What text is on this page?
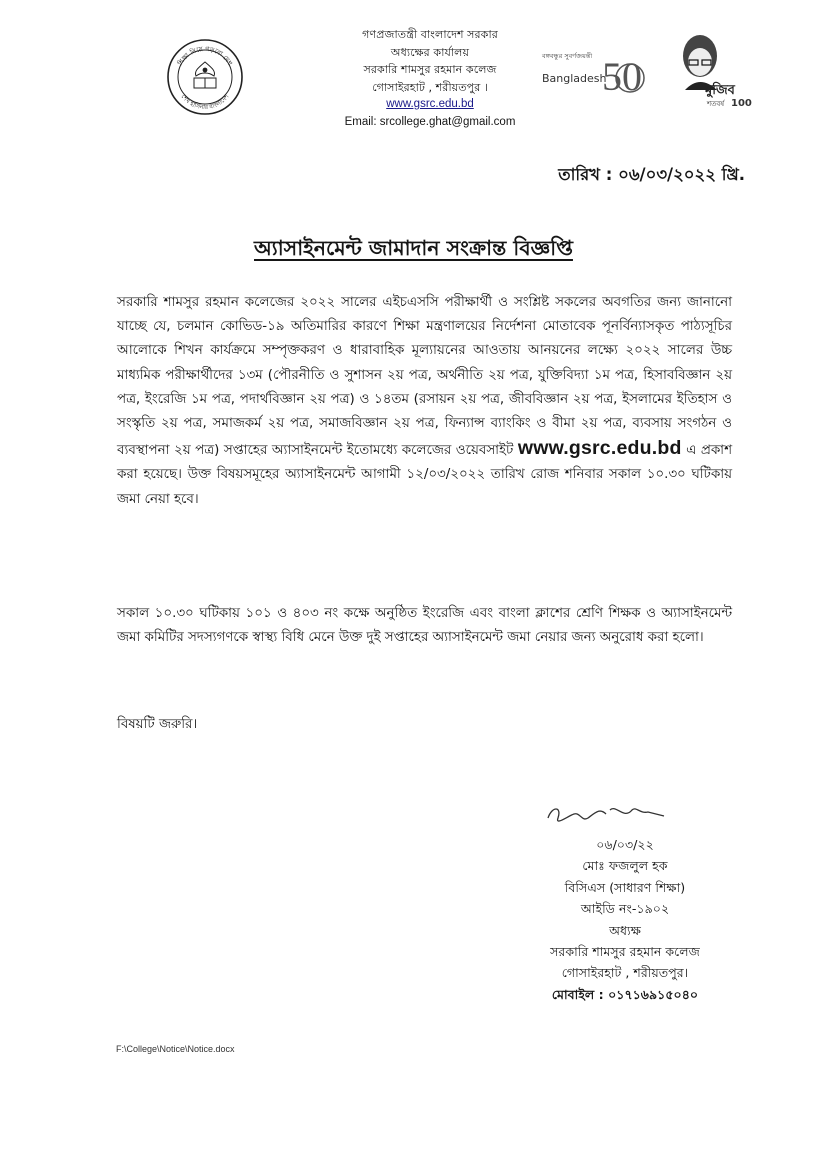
শিক্ষা নিয়ে গড়বো দেশ
শেখ হাসিনার বাংলাদেশ
গণপ্রজাতন্ত্রী বাংলাদেশ সরকার
অধ্যক্ষের কার্যালয়
সরকারি শামসুর রহমান কলেজ
গোসাইরহাট , শরীয়তপুর ।
www.gsrc.edu.bd
Email: srcollege.ghat@gmail.com
বঙ্গবন্ধুর সুবর্ণজয়ন্তী
Bangladesh
50	মুজিব
শতবর্ষ 100
তারিখ : ০৬/০৩/২০২২ খ্রি.
অ্যাসাইনমেন্ট জামাদান সংক্রান্ত বিজ্ঞপ্তি
সরকারি শামসুর রহমান কলেজের ২০২২ সালের এইচএসসি পরীক্ষার্থী ও সংশ্লিষ্ট সকলের অবগতির জন্য জানানো যাচ্ছে যে, চলমান কোভিড-১৯ অতিমারির কারণে শিক্ষা মন্ত্রণালয়ের নির্দেশনা মোতাবেক পূনর্বিন্যাসকৃত পাঠ্যসূচির আলোকে শিখন কার্যক্রমে সম্পৃক্তকরণ ও ধারাবাহিক মূল্যায়নের আওতায় আনয়নের লক্ষ্যে ২০২২ সালের উচ্চ মাধ্যমিক পরীক্ষার্থীদের ১৩ম (পৌরনীতি ও সুশাসন ২য় পত্র, অর্থনীতি ২য় পত্র, যুক্তিবিদ্যা ১ম পত্র, হিসাববিজ্ঞান ২য় পত্র, ইংরেজি ১ম পত্র, পদার্থবিজ্ঞান ২য় পত্র) ও ১৪তম (রসায়ন ২য় পত্র, জীববিজ্ঞান ২য় পত্র, ইসলামের ইতিহাস ও সংস্কৃতি ২য় পত্র, সমাজকর্ম ২য় পত্র, সমাজবিজ্ঞান ২য় পত্র, ফিন্যান্স ব্যাংকিং ও বীমা ২য় পত্র, ব্যবসায় সংগঠন ও ব্যবস্থাপনা ২য় পত্র) সপ্তাহের অ্যাসাইনমেন্ট ইতোমধ্যে কলেজের ওয়েবসাইট www.gsrc.edu.bd এ প্রকাশ করা হয়েছে। উক্ত বিষয়সমূহের অ্যাসাইনমেন্ট আগামী ১২/০৩/২০২২ তারিখ রোজ শনিবার সকাল ১০.৩০ ঘটিকায় জমা নেয়া হবে।
সকাল ১০.৩০ ঘটিকায় ১০১ ও ৪০৩ নং কক্ষে অনুষ্ঠিত ইংরেজি এবং বাংলা ক্লাশের শ্রেণি শিক্ষক ও অ্যাসাইনমেন্ট জমা কমিটির সদস্যগণকে স্বাস্থ্য বিধি মেনে উক্ত দুই সপ্তাহের অ্যাসাইনমেন্ট জমা নেয়ার জন্য অনুরোধ করা হলো।
বিষয়টি জরুরি।
০৬/০৩/২২
মোঃ ফজলুল হক
বিসিএস (সাধারণ শিক্ষা)
আইডি নং-১৯০২
অধ্যক্ষ
সরকারি শামসুর রহমান কলেজ
গোসাইরহাট , শরীয়তপুর।
মোবাইল : ০১৭১৬৯১৫০৪০
F:\College\Notice\Notice.docx
